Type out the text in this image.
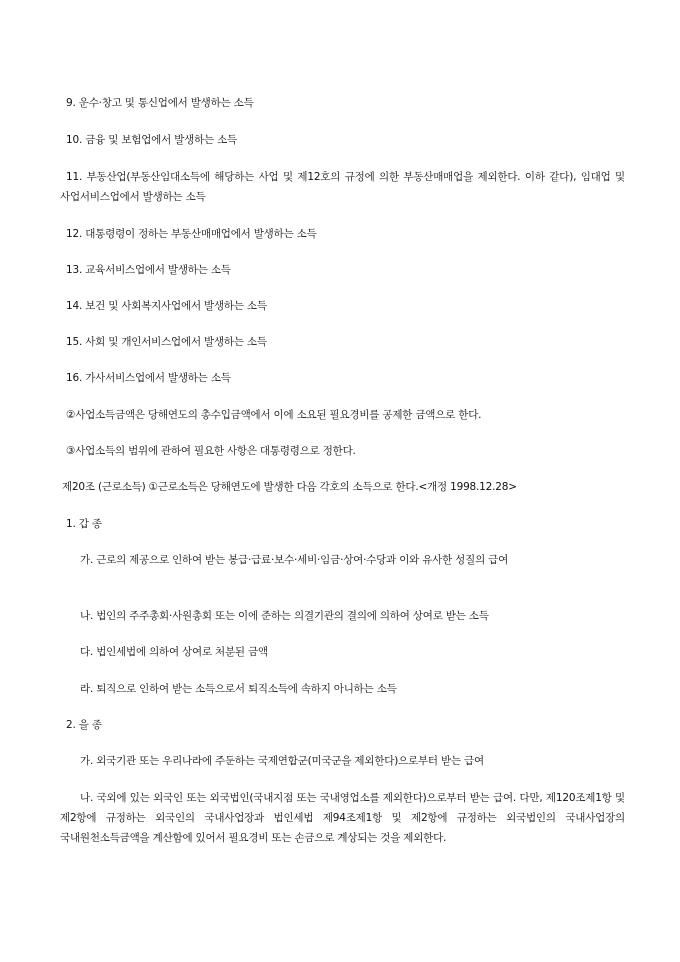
9. 운수·창고 및 통신업에서 발생하는 소득
10. 금융 및 보험업에서 발생하는 소득
11. 부동산업(부동산임대소득에 해당하는 사업 및 제12호의 규정에 의한 부동산매매업을 제외한다. 이하 같다), 임대업 및 사업서비스업에서 발생하는 소득
12. 대통령령이 정하는 부동산매매업에서 발생하는 소득
13. 교육서비스업에서 발생하는 소득
14. 보건 및 사회복지사업에서 발생하는 소득
15. 사회 및 개인서비스업에서 발생하는 소득
16. 가사서비스업에서 발생하는 소득
②사업소득금액은 당해연도의 총수입금액에서 이에 소요된 필요경비를 공제한 금액으로 한다.
③사업소득의 범위에 관하여 필요한 사항은 대통령령으로 정한다.
제20조 (근로소득) ①근로소득은 당해연도에 발생한 다음 각호의 소득으로 한다.<개정 1998.12.28>
1. 갑 종
가. 근로의 제공으로 인하여 받는 봉급·급료·보수·세비·임금·상여·수당과 이와 유사한 성질의 급여
나. 법인의 주주총회·사원총회 또는 이에 준하는 의결기관의 결의에 의하여 상여로 받는 소득
다. 법인세법에 의하여 상여로 처분된 금액
라. 퇴직으로 인하여 받는 소득으로서 퇴직소득에 속하지 아니하는 소득
2. 을 종
가. 외국기관 또는 우리나라에 주둔하는 국제연합군(미국군을 제외한다)으로부터 받는 급여
나. 국외에 있는 외국인 또는 외국법인(국내지점 또는 국내영업소를 제외한다)으로부터 받는 급여. 다만, 제120조제1항 및 제2항에 규정하는 외국인의 국내사업장과 법인세법 제94조제1항 및 제2항에 규정하는 외국법인의 국내사업장의 국내원천소득금액을 계산함에 있어서 필요경비 또는 손금으로 계상되는 것을 제외한다.
